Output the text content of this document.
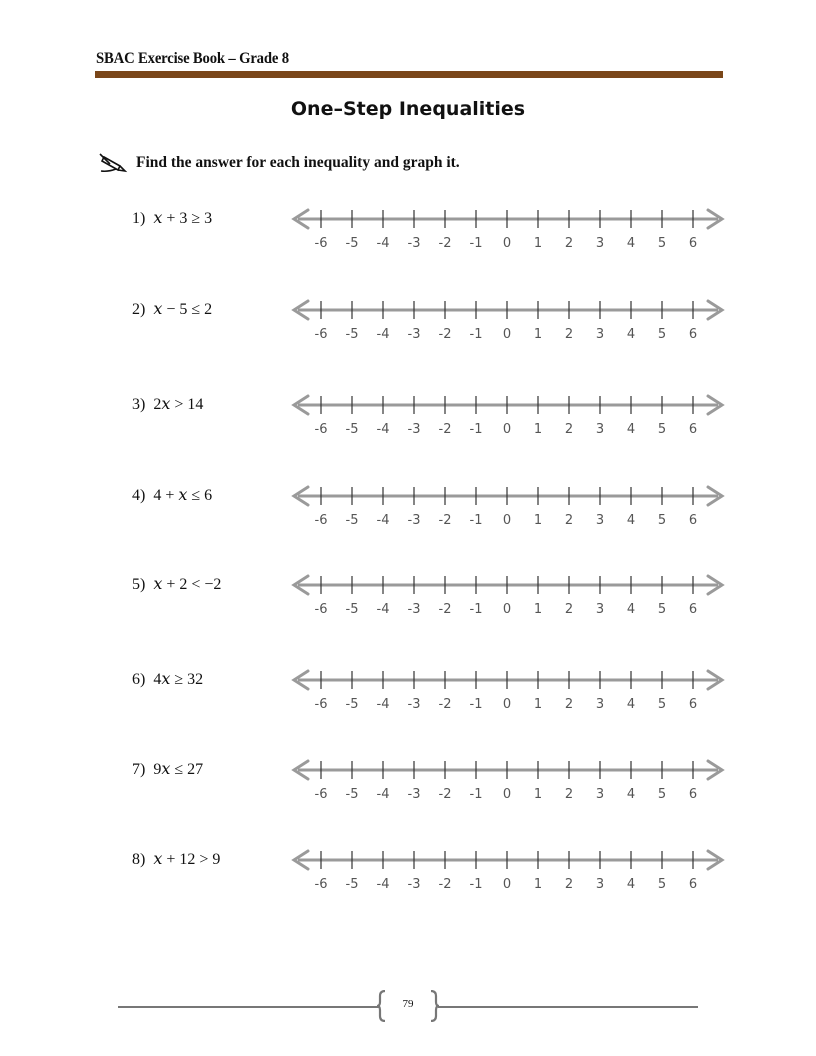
SBAC Exercise Book – Grade 8
One–Step Inequalities
Find the answer for each inequality and graph it.
1) 𝑥 + 3 ≥ 3
-6 -5 -4 -3 -2 -1 0 1 2 3 4 5 6
2) 𝑥 − 5 ≤ 2
-6 -5 -4 -3 -2 -1 0 1 2 3 4 5 6
3) 2𝑥 > 14
-6 -5 -4 -3 -2 -1 0 1 2 3 4 5 6
4) 4 + 𝑥 ≤ 6
-6 -5 -4 -3 -2 -1 0 1 2 3 4 5 6
5) 𝑥 + 2 < −2
-6 -5 -4 -3 -2 -1 0 1 2 3 4 5 6
6) 4𝑥 ≥ 32
-6 -5 -4 -3 -2 -1 0 1 2 3 4 5 6
7) 9𝑥 ≤ 27
-6 -5 -4 -3 -2 -1 0 1 2 3 4 5 6
8) 𝑥 + 12 > 9
-6 -5 -4 -3 -2 -1 0 1 2 3 4 5 6
79
